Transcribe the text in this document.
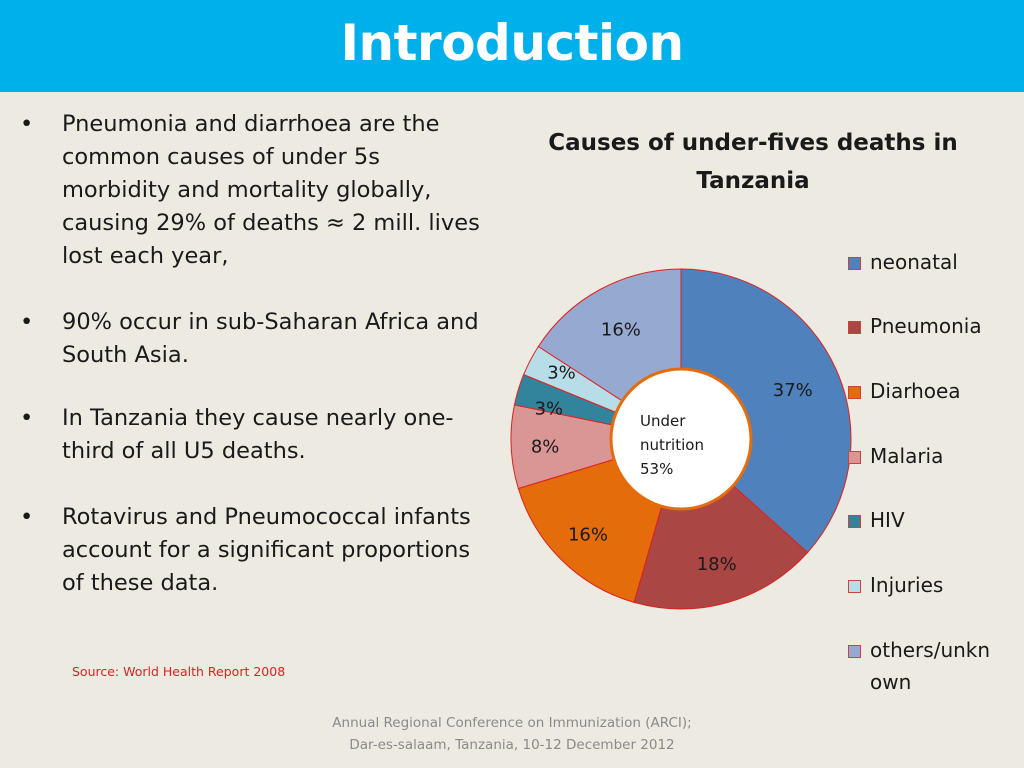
Introduction
• Pneumonia and diarrhoea are the common causes of under 5s morbidity and mortality globally, causing 29% of deaths ≈ 2 mill. lives lost each year,
• 90% occur in sub-Saharan Africa and South Asia.
• In Tanzania they cause nearly one-third of all U5 deaths.
• Rotavirus and Pneumococcal infants account for a significant proportions of these data.
Source: World Health Report 2008
Causes of under-fives deaths in
Tanzania
37%
18%
16%
8%
3%
3%
16%
Under
nutrition
53%
neonatal
Pneumonia
Diarhoea
Malaria
HIV
Injuries
others/unkn
own
Annual Regional Conference on Immunization (ARCI);
Dar-es-salaam, Tanzania, 10-12 December 2012
